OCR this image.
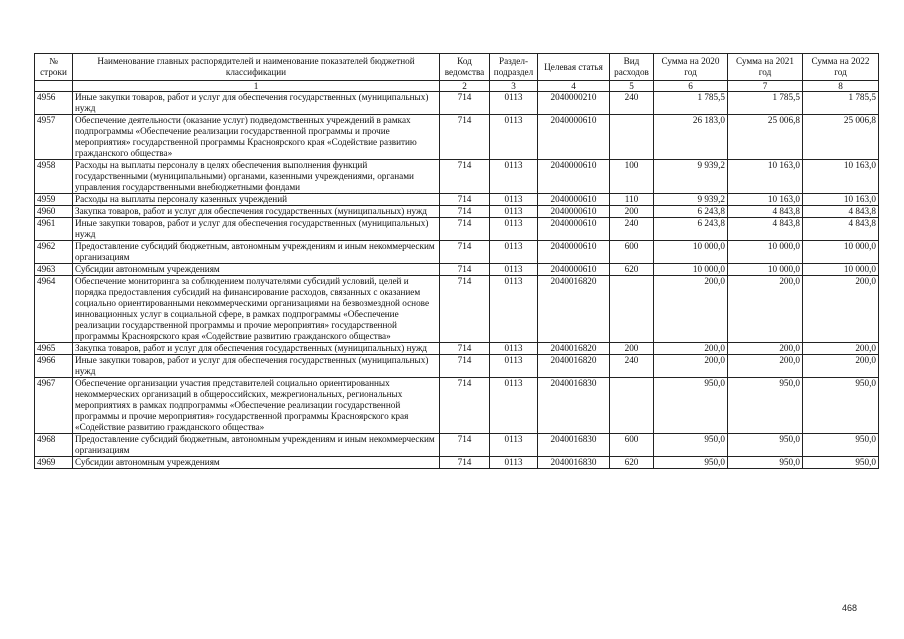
№ строки	Наименование главных распорядителей и наименование показателей бюджетной классификации	Код ведомства	Раздел-подраздел	Целевая статья	Вид расходов	Сумма на 2020 год	Сумма на 2021 год	Сумма на 2022 год
	1	2	3	4	5	6	7	8
4956	Иные закупки товаров, работ и услуг для обеспечения государственных (муниципальных) нужд	714	0113	2040000210	240	1 785,5	1 785,5	1 785,5
4957	Обеспечение деятельности (оказание услуг) подведомственных учреждений в рамках подпрограммы «Обеспечение реализации государственной программы и прочие мероприятия» государственной программы Красноярского края «Содействие развитию гражданского общества»	714	0113	2040000610		26 183,0	25 006,8	25 006,8
4958	Расходы на выплаты персоналу в целях обеспечения выполнения функций государственными (муниципальными) органами, казенными учреждениями, органами управления государственными внебюджетными фондами	714	0113	2040000610	100	9 939,2	10 163,0	10 163,0
4959	Расходы на выплаты персоналу казенных учреждений	714	0113	2040000610	110	9 939,2	10 163,0	10 163,0
4960	Закупка товаров, работ и услуг для обеспечения государственных (муниципальных) нужд	714	0113	2040000610	200	6 243,8	4 843,8	4 843,8
4961	Иные закупки товаров, работ и услуг для обеспечения государственных (муниципальных) нужд	714	0113	2040000610	240	6 243,8	4 843,8	4 843,8
4962	Предоставление субсидий бюджетным, автономным учреждениям и иным некоммерческим организациям	714	0113	2040000610	600	10 000,0	10 000,0	10 000,0
4963	Субсидии автономным учреждениям	714	0113	2040000610	620	10 000,0	10 000,0	10 000,0
4964	Обеспечение мониторинга за соблюдением получателями субсидий условий, целей и порядка предоставления субсидий на финансирование расходов, связанных с оказанием социально ориентированными некоммерческими организациями на безвозмездной основе инновационных услуг в социальной сфере, в рамках подпрограммы «Обеспечение реализации государственной программы и прочие мероприятия» государственной программы Красноярского края «Содействие развитию гражданского общества»	714	0113	2040016820		200,0	200,0	200,0
4965	Закупка товаров, работ и услуг для обеспечения государственных (муниципальных) нужд	714	0113	2040016820	200	200,0	200,0	200,0
4966	Иные закупки товаров, работ и услуг для обеспечения государственных (муниципальных) нужд	714	0113	2040016820	240	200,0	200,0	200,0
4967	Обеспечение организации участия представителей социально ориентированных некоммерческих организаций в общероссийских, межрегиональных, региональных мероприятиях в рамках подпрограммы «Обеспечение реализации государственной программы и прочие мероприятия» государственной программы Красноярского края «Содействие развитию гражданского общества»	714	0113	2040016830		950,0	950,0	950,0
4968	Предоставление субсидий бюджетным, автономным учреждениям и иным некоммерческим организациям	714	0113	2040016830	600	950,0	950,0	950,0
4969	Субсидии автономным учреждениям	714	0113	2040016830	620	950,0	950,0	950,0
468
